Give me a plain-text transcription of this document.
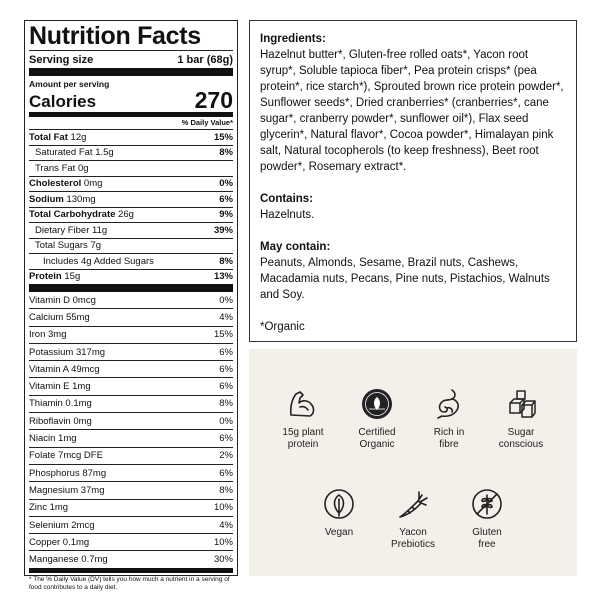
Nutrition Facts
Serving size	1 bar (68g)
Amount per serving
Calories	270
% Daily Value*
Total Fat 12g	15%
Saturated Fat 1.5g	8%
Trans Fat 0g
Cholesterol 0mg	0%
Sodium 130mg	6%
Total Carbohydrate 26g	9%
Dietary Fiber 11g	39%
Total Sugars 7g
Includes 4g Added Sugars	8%
Protein 15g	13%
Vitamin D 0mcg	0%
Calcium 55mg	4%
Iron 3mg	15%
Potassium 317mg	6%
Vitamin A 49mcg	6%
Vitamin E 1mg	6%
Thiamin 0.1mg	8%
Riboflavin 0mg	0%
Niacin 1mg	6%
Folate 7mcg DFE	2%
Phosphorus 87mg	6%
Magnesium 37mg	8%
Zinc 1mg	10%
Selenium 2mcg	4%
Copper 0.1mg	10%
Manganese 0.7mg	30%
* The % Daily Value (DV) tells you how much a nutrient in a serving of food contributes to a daily diet.
Ingredients:

Hazelnut butter*, Gluten-free rolled oats*, Yacon root syrup*, Soluble tapioca fiber*, Pea protein crisps* (pea protein*, rice starch*), Sprouted brown rice protein powder*, Sunflower seeds*, Dried cranberries* (cranberries*, cane sugar*, cranberry powder*, sunflower oil*), Flax seed glycerin*, Natural flavor*, Cocoa powder*, Himalayan pink salt, Natural tocopherols (to keep freshness), Beet root powder*, Rosemary extract*.

Contains:

Hazelnuts.

May contain:

Peanuts, Almonds, Sesame, Brazil nuts, Cashews, Macadamia nuts, Pecans, Pine nuts, Pistachios, Walnuts and Soy.

*Organic

15g plant
protein
Certified
Organic
Rich in
fibre
Sugar
conscious
Vegan	Yacon
Prebiotics
Gluten
free
